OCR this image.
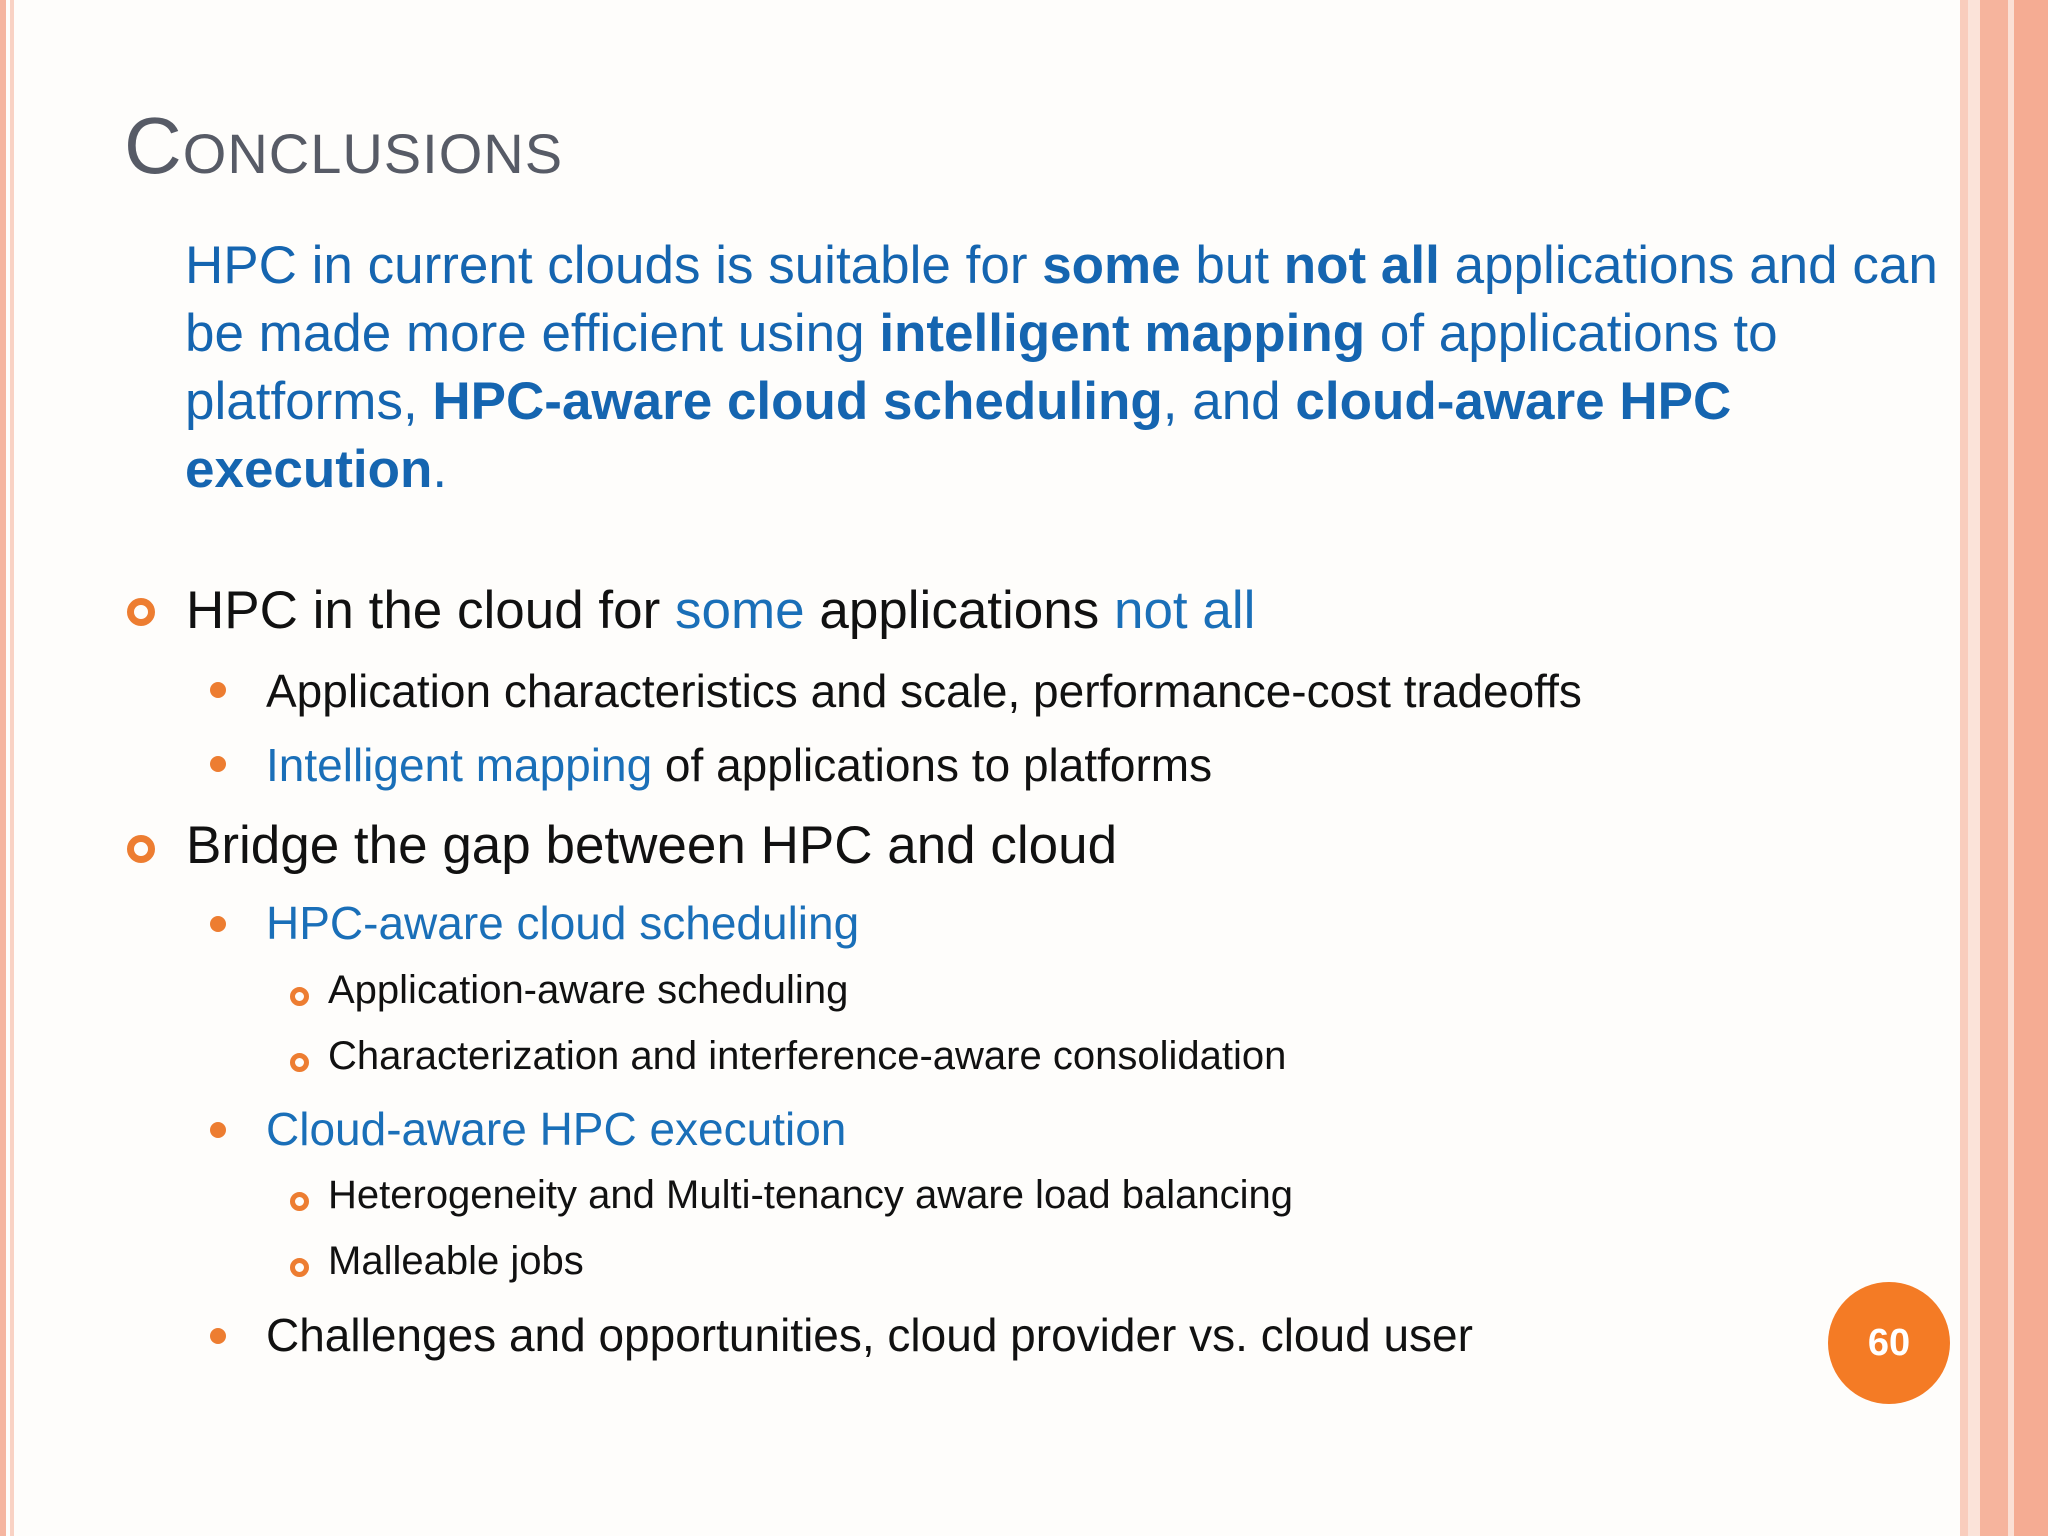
Conclusions
HPC in current clouds is suitable for some but not all applications and can be made more efficient using intelligent mapping of applications to platforms, HPC-aware cloud scheduling, and cloud-aware HPC execution.
HPC in the cloud for some applications not all
Application characteristics and scale, performance-cost tradeoffs
Intelligent mapping of applications to platforms
Bridge the gap between HPC and cloud
HPC-aware cloud scheduling
Application-aware scheduling
Characterization and interference-aware consolidation
Cloud-aware HPC execution
Heterogeneity and Multi-tenancy aware load balancing
Malleable jobs
Challenges and opportunities, cloud provider vs. cloud user	60
